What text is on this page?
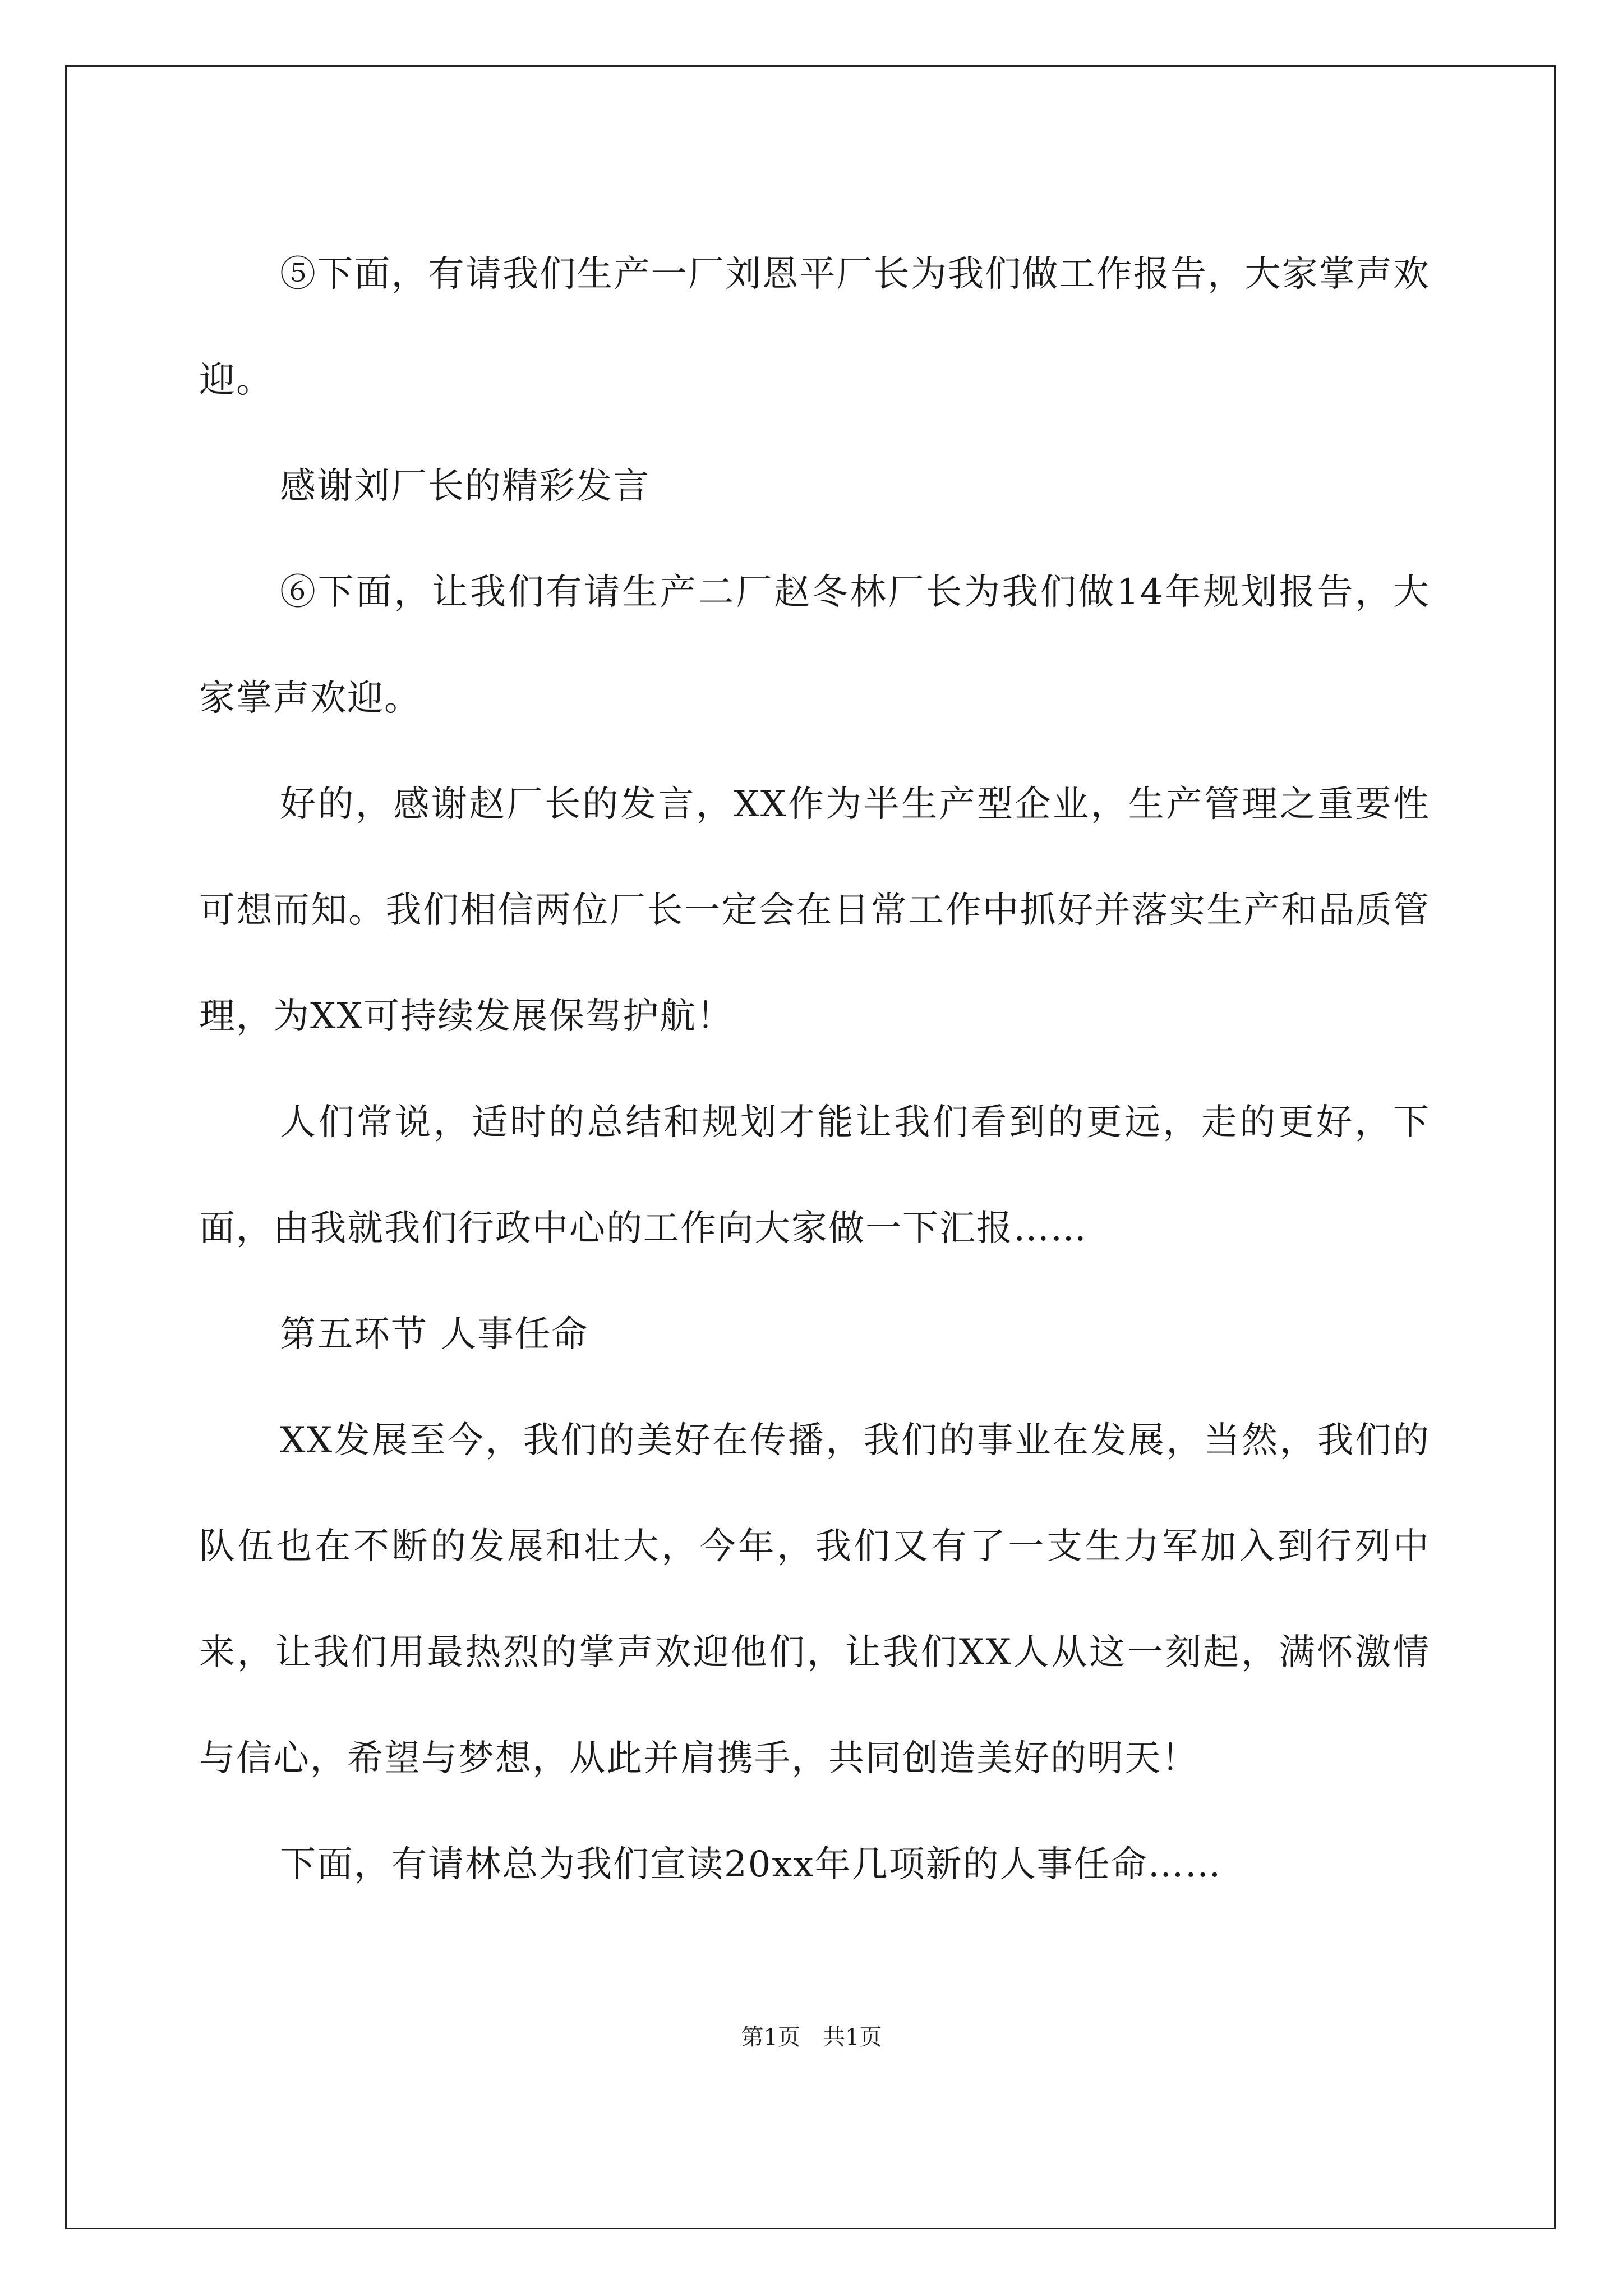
⑤下面，有请我们生产一厂刘恩平厂长为我们做工作报告，大家掌声欢迎。

感谢刘厂长的精彩发言

⑥下面，让我们有请生产二厂赵冬林厂长为我们做14年规划报告，大家掌声欢迎。

好的，感谢赵厂长的发言，XX作为半生产型企业，生产管理之重要性可想而知。我们相信两位厂长一定会在日常工作中抓好并落实生产和品质管理，为XX可持续发展保驾护航！

人们常说，适时的总结和规划才能让我们看到的更远，走的更好，下面，由我就我们行政中心的工作向大家做一下汇报……

第五环节 人事任命

XX发展至今，我们的美好在传播，我们的事业在发展，当然，我们的队伍也在不断的发展和壮大，今年，我们又有了一支生力军加入到行列中来，让我们用最热烈的掌声欢迎他们，让我们XX人从这一刻起，满怀激情与信心，希望与梦想，从此并肩携手，共同创造美好的明天！

下面，有请林总为我们宣读20xx年几项新的人事任命……

第1页 共1页
